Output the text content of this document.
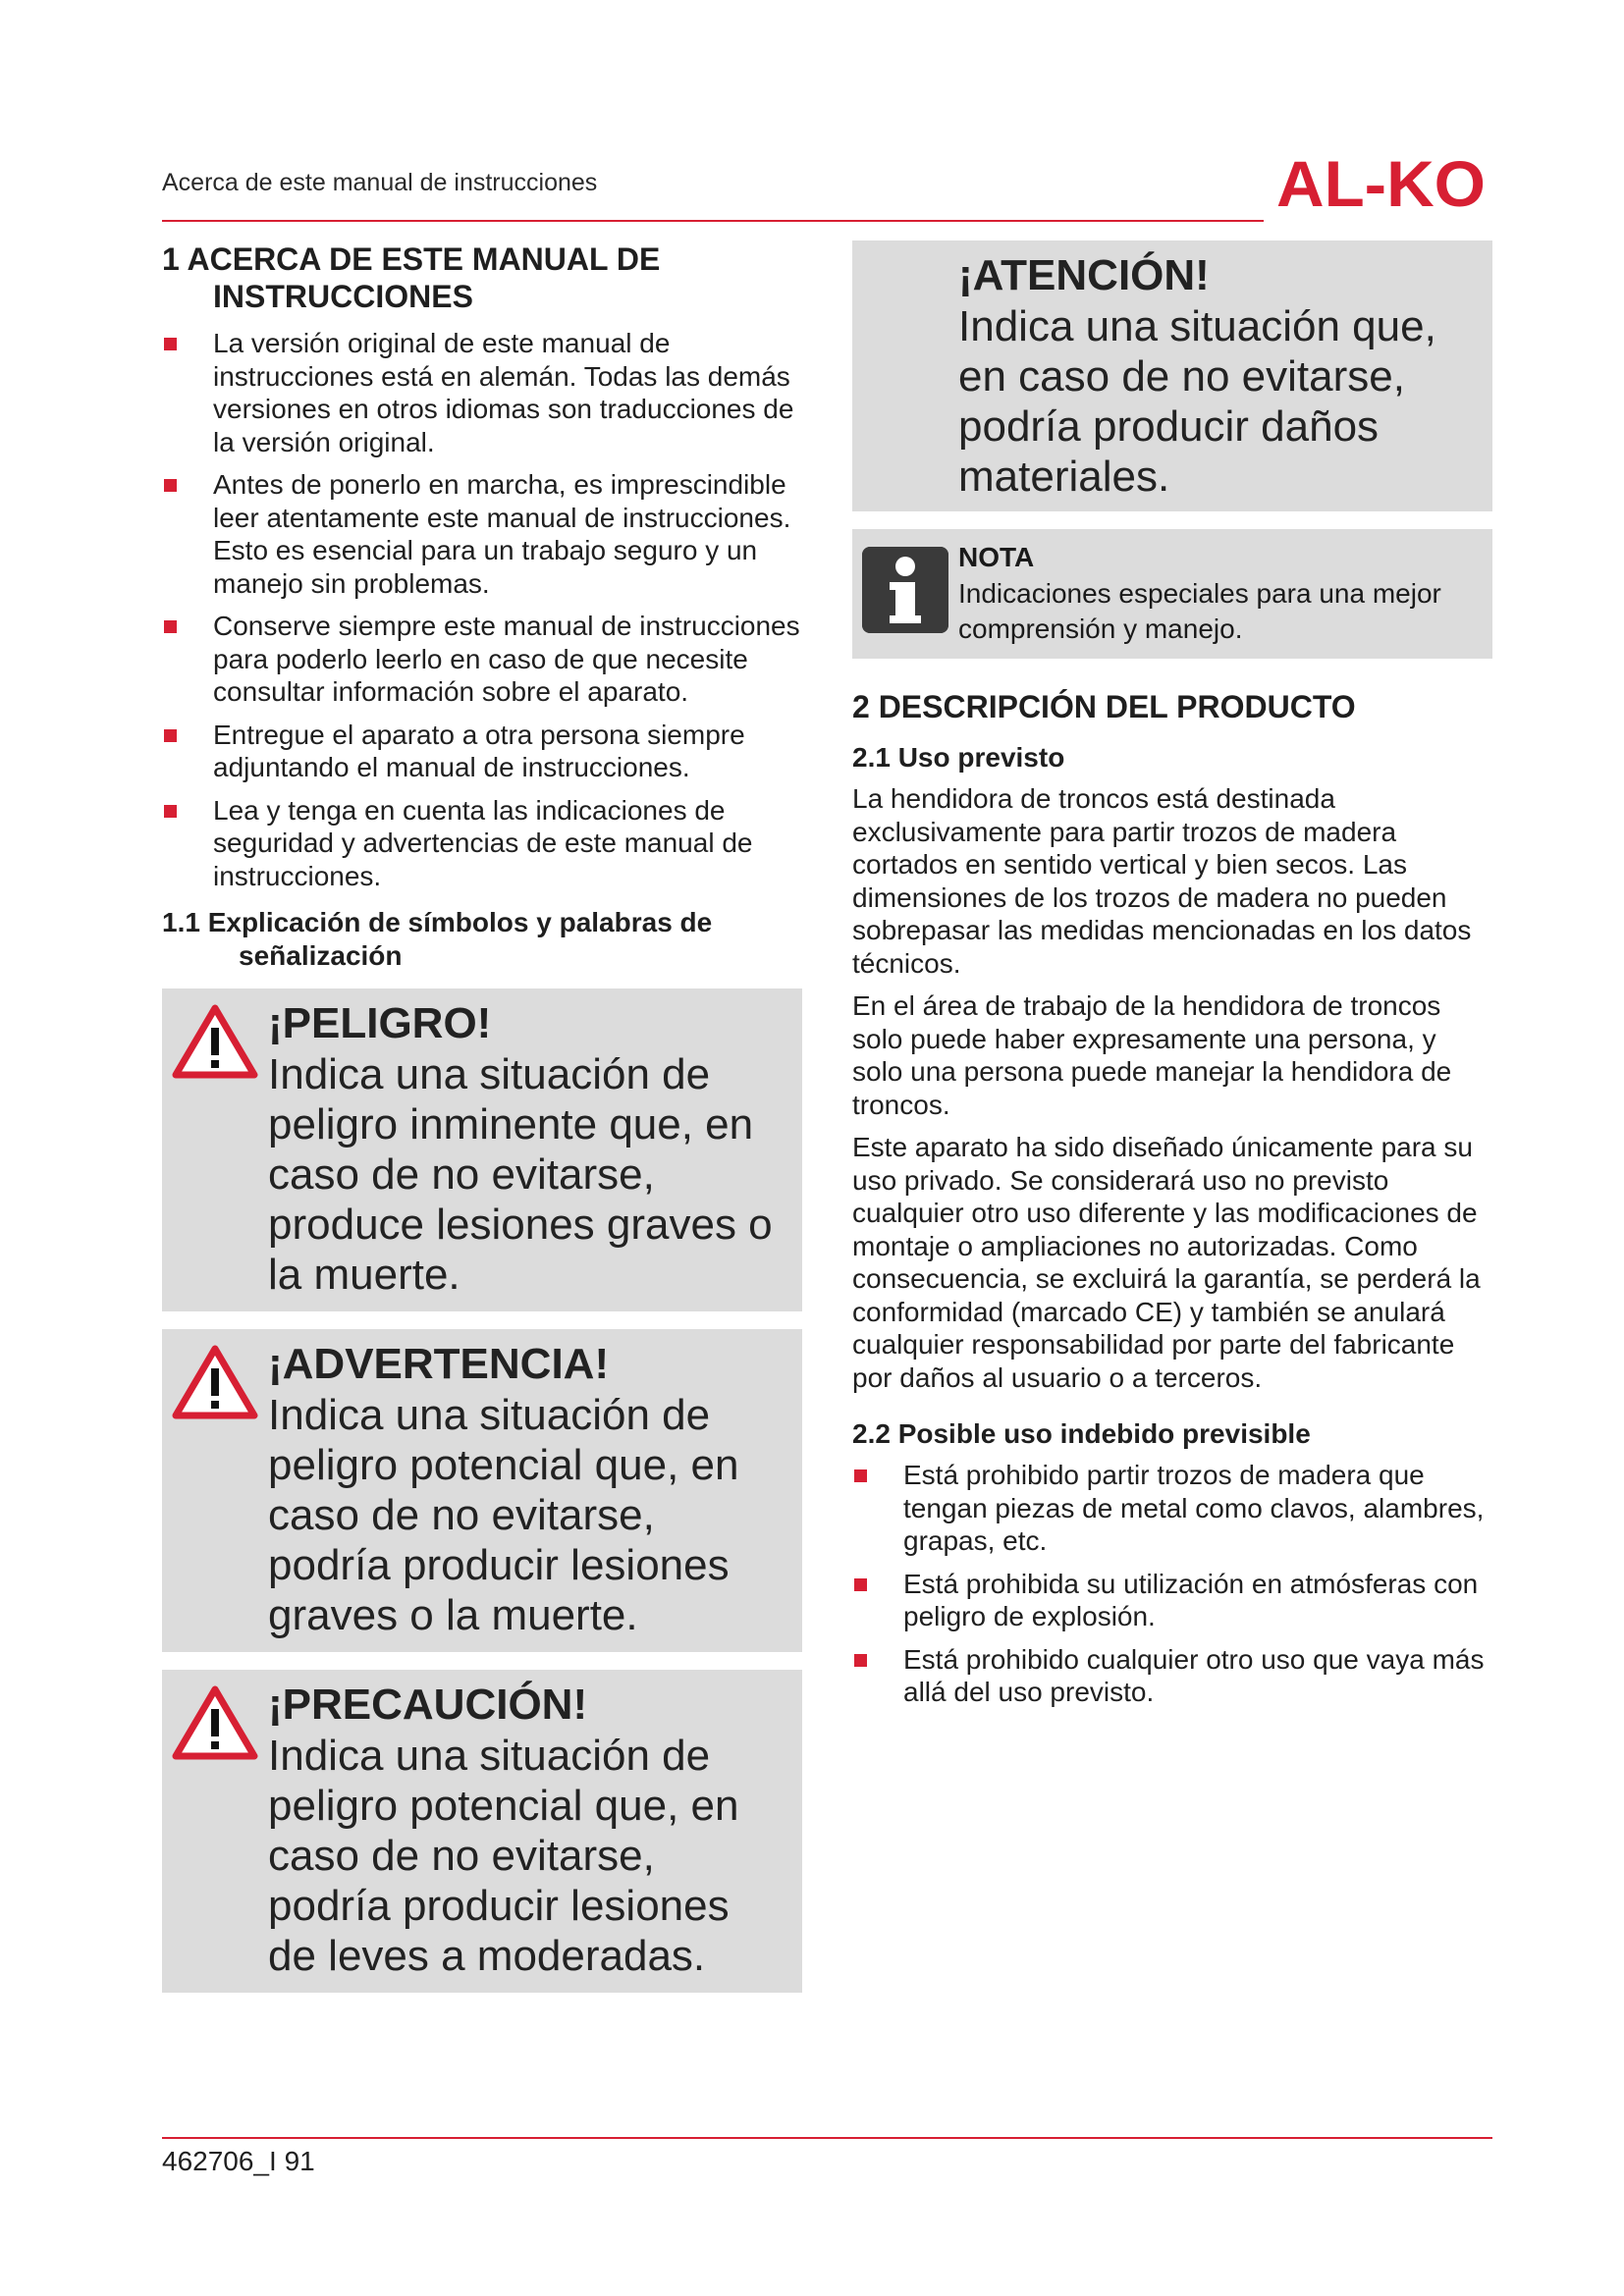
Acerca de este manual de instrucciones	AL-KO
1 ACERCA DE ESTE MANUAL DE INSTRUCCIONES
La versión original de este manual de instrucciones está en alemán. Todas las demás versiones en otros idiomas son traducciones de la versión original.
Antes de ponerlo en marcha, es imprescindible leer atentamente este manual de instrucciones. Esto es esencial para un trabajo seguro y un manejo sin problemas.
Conserve siempre este manual de instrucciones para poderlo leerlo en caso de que necesite consultar información sobre el aparato.
Entregue el aparato a otra persona siempre adjuntando el manual de instrucciones.
Lea y tenga en cuenta las indicaciones de seguridad y advertencias de este manual de instrucciones.
1.1 Explicación de símbolos y palabras de señalización
¡PELIGRO!
Indica una situación de peligro inminente que, en caso de no evitarse, produce lesiones graves o la muerte.
¡ADVERTENCIA!
Indica una situación de peligro potencial que, en caso de no evitarse, podría producir lesiones graves o la muerte.
¡PRECAUCIÓN!
Indica una situación de peligro potencial que, en caso de no evitarse, podría producir lesiones de leves a moderadas.
¡ATENCIÓN!
Indica una situación que, en caso de no evitarse, podría producir daños materiales.
NOTA
Indicaciones especiales para una mejor comprensión y manejo.
2 DESCRIPCIÓN DEL PRODUCTO
2.1 Uso previsto

La hendidora de troncos está destinada exclusivamente para partir trozos de madera cortados en sentido vertical y bien secos. Las dimensiones de los trozos de madera no pueden sobrepasar las medidas mencionadas en los datos técnicos.

En el área de trabajo de la hendidora de troncos solo puede haber expresamente una persona, y solo una persona puede manejar la hendidora de troncos.

Este aparato ha sido diseñado únicamente para su uso privado. Se considerará uso no previsto cualquier otro uso diferente y las modificaciones de montaje o ampliaciones no autorizadas. Como consecuencia, se excluirá la garantía, se perderá la conformidad (marcado CE) y también se anulará cualquier responsabilidad por parte del fabricante por daños al usuario o a terceros.

2.2 Posible uso indebido previsible
Está prohibido partir trozos de madera que tengan piezas de metal como clavos, alambres, grapas, etc.
Está prohibida su utilización en atmósferas con peligro de explosión.
Está prohibido cualquier otro uso que vaya más allá del uso previsto.
462706_I 91
